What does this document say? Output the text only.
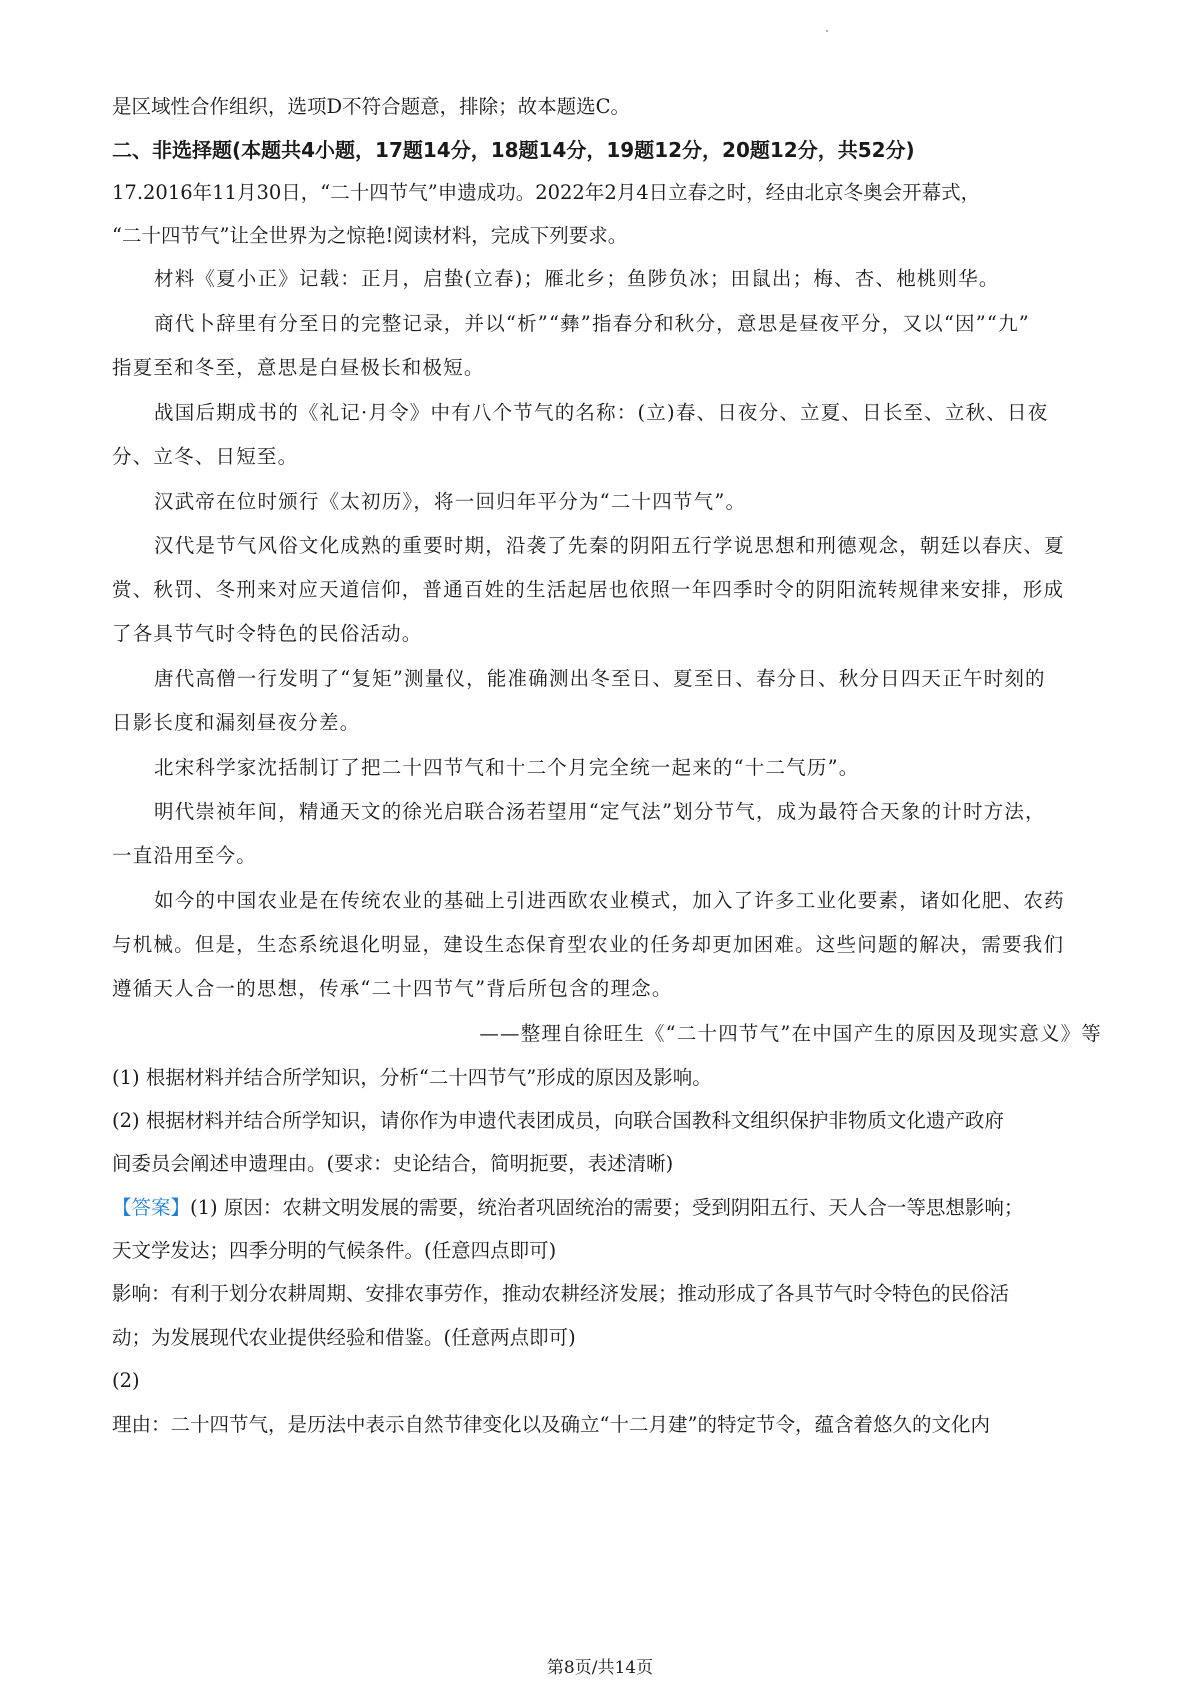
是区域性合作组织，选项D不符合题意，排除；故本题选C。
二、非选择题(本题共4小题，17题14分，18题14分，19题12分，20题12分，共52分)
17.2016年11月30日，“二十四节气”申遗成功。2022年2月4日立春之时，经由北京冬奥会开幕式，
“二十四节气”让全世界为之惊艳!阅读材料，完成下列要求。
材料《夏小正》记载：正月，启蛰(立春)；雁北乡；鱼陟负冰；田鼠出；梅、杏、杝桃则华。
商代卜辞里有分至日的完整记录，并以“析”“彝”指春分和秋分，意思是昼夜平分，又以“因”“九”
指夏至和冬至，意思是白昼极长和极短。
战国后期成书的《礼记·月令》中有八个节气的名称：(立)春、日夜分、立夏、日长至、立秋、日夜
分、立冬、日短至。
汉武帝在位时颁行《太初历》，将一回归年平分为“二十四节气”。
汉代是节气风俗文化成熟的重要时期，沿袭了先秦的阴阳五行学说思想和刑德观念，朝廷以春庆、夏
赏、秋罚、冬刑来对应天道信仰，普通百姓的生活起居也依照一年四季时令的阴阳流转规律来安排，形成
了各具节气时令特色的民俗活动。
唐代高僧一行发明了“复矩”测量仪，能准确测出冬至日、夏至日、春分日、秋分日四天正午时刻的
日影长度和漏刻昼夜分差。
北宋科学家沈括制订了把二十四节气和十二个月完全统一起来的“十二气历”。
明代崇祯年间，精通天文的徐光启联合汤若望用“定气法”划分节气，成为最符合天象的计时方法，
一直沿用至今。
如今的中国农业是在传统农业的基础上引进西欧农业模式，加入了许多工业化要素，诸如化肥、农药
与机械。但是，生态系统退化明显，建设生态保育型农业的任务却更加困难。这些问题的解决，需要我们
遵循天人合一的思想，传承“二十四节气”背后所包含的理念。
——整理自徐旺生《“二十四节气”在中国产生的原因及现实意义》等
(1) 根据材料并结合所学知识，分析“二十四节气”形成的原因及影响。
(2) 根据材料并结合所学知识，请你作为申遗代表团成员，向联合国教科文组织保护非物质文化遗产政府
间委员会阐述申遗理由。(要求：史论结合，简明扼要，表述清晰)
【答案】(1) 原因：农耕文明发展的需要，统治者巩固统治的需要；受到阴阳五行、天人合一等思想影响；
天文学发达；四季分明的气候条件。(任意四点即可)
影响：有利于划分农耕周期、安排农事劳作，推动农耕经济发展；推动形成了各具节气时令特色的民俗活
动；为发展现代农业提供经验和借鉴。(任意两点即可)
(2)
理由：二十四节气，是历法中表示自然节律变化以及确立“十二月建”的特定节令，蕴含着悠久的文化内
第8页/共14页
